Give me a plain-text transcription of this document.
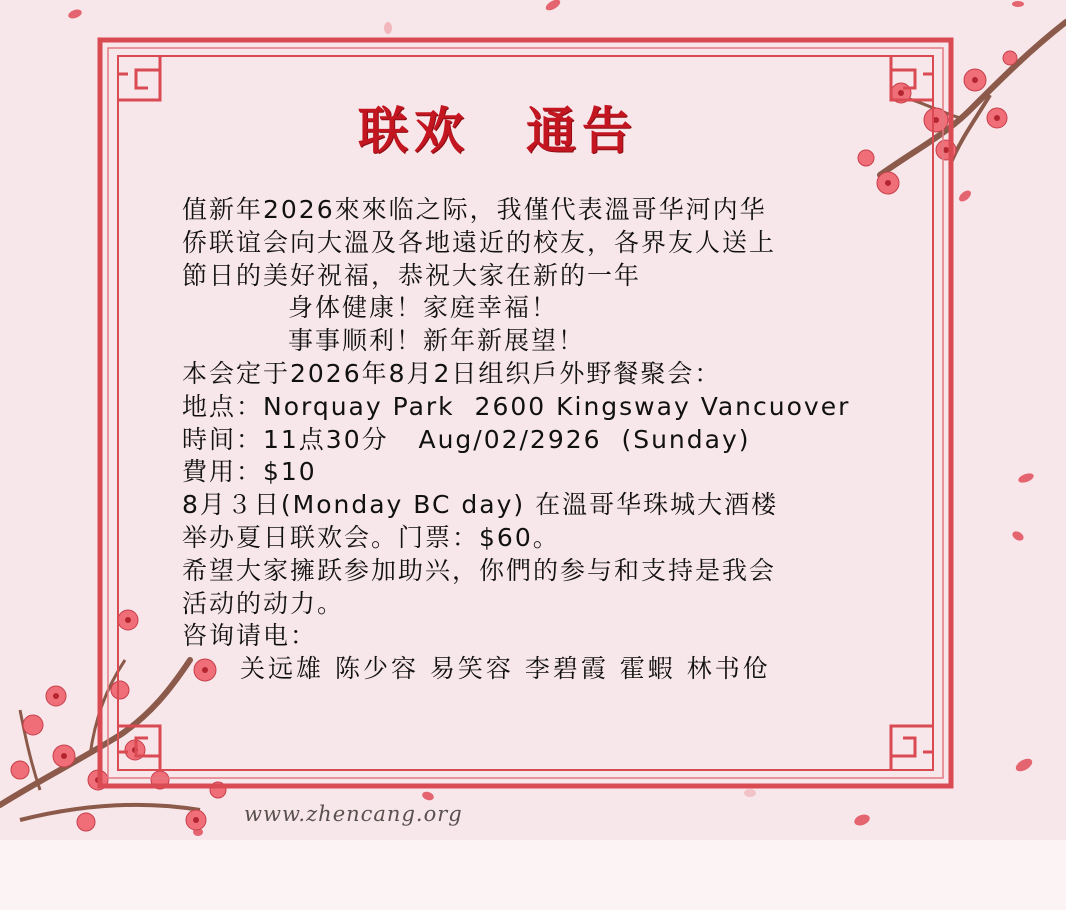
联欢 通告
值新年2026來來临之际，我僅代表溫哥华河内华
侨联谊会向大溫及各地遠近的校友，各界友人送上
節日的美好祝福，恭祝大家在新的一年
身体健康！家庭幸福！
事事顺利！新年新展望！
本会定于2026年8月2日组织戶外野餐聚会：
地点：Norquay Park  2600 Kingsway Vancuover
時间：11点30分   Aug/02/2926  (Sunday)
費用：$10
8月３日(Monday BC day) 在溫哥华珠城大酒楼
举办夏日联欢会。门票：$60。
希望大家擁跃参加助兴，你們的参与和支持是我会
活动的动力。
咨询请电：
关远雄 陈少容 易笑容 李碧霞 霍蝦 林书伧
www.zhencang.org
